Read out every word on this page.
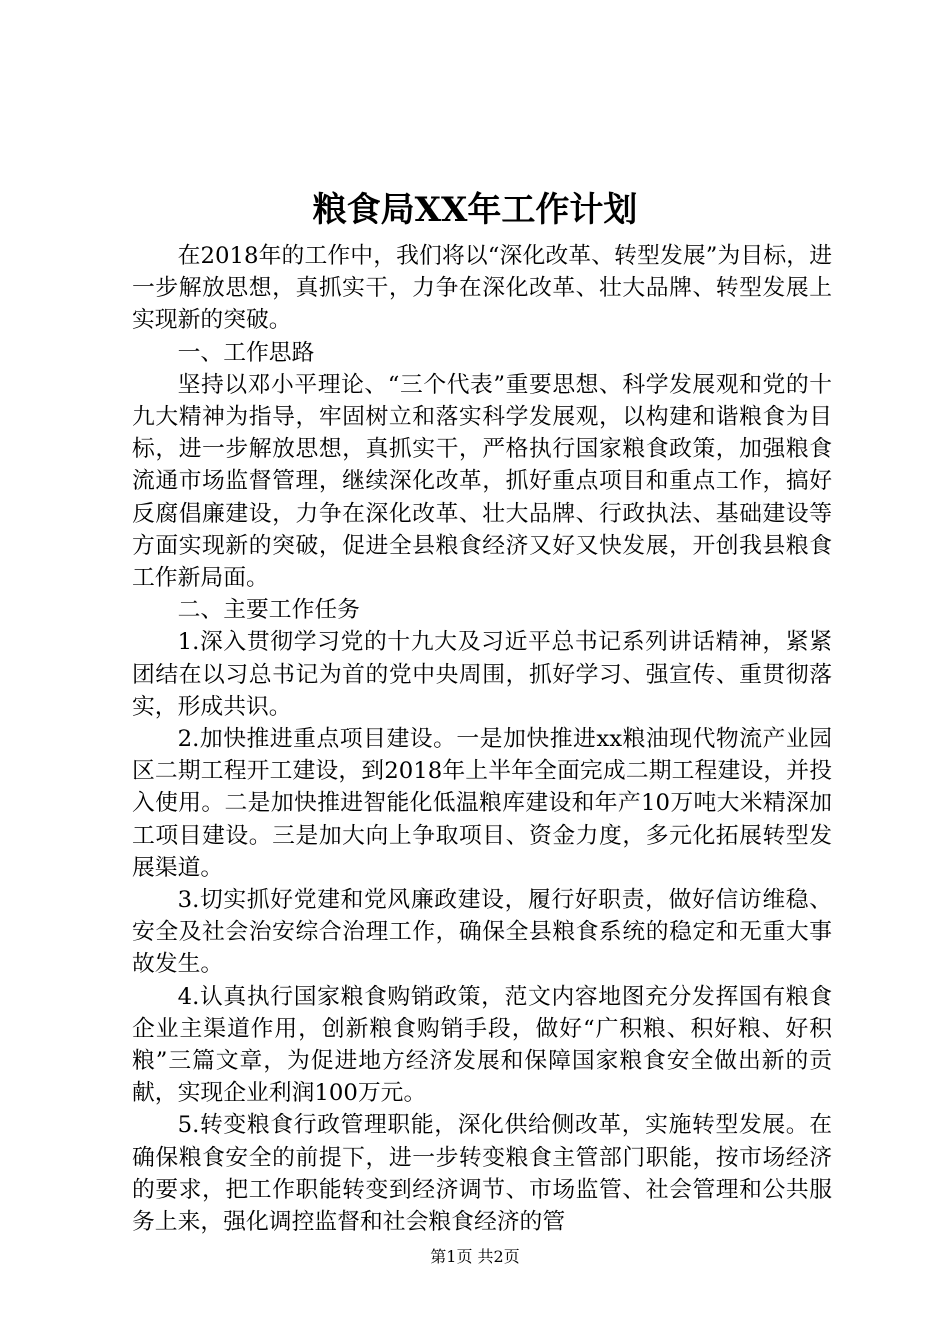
粮食局XX年工作计划

在2018年的工作中，我们将以“深化改革、转型发展”为目标，进一步解放思想，真抓实干，力争在深化改革、壮大品牌、转型发展上实现新的突破。

一、工作思路

坚持以邓小平理论、“三个代表”重要思想、科学发展观和党的十九大精神为指导，牢固树立和落实科学发展观，以构建和谐粮食为目标，进一步解放思想，真抓实干，严格执行国家粮食政策，加强粮食流通市场监督管理，继续深化改革，抓好重点项目和重点工作，搞好反腐倡廉建设，力争在深化改革、壮大品牌、行政执法、基础建设等方面实现新的突破，促进全县粮食经济又好又快发展，开创我县粮食工作新局面。

二、主要工作任务

1.深入贯彻学习党的十九大及习近平总书记系列讲话精神，紧紧团结在以习总书记为首的党中央周围，抓好学习、强宣传、重贯彻落实，形成共识。

2.加快推进重点项目建设。一是加快推进xx粮油现代物流产业园区二期工程开工建设，到2018年上半年全面完成二期工程建设，并投入使用。二是加快推进智能化低温粮库建设和年产10万吨大米精深加工项目建设。三是加大向上争取项目、资金力度，多元化拓展转型发展渠道。

3.切实抓好党建和党风廉政建设，履行好职责，做好信访维稳、安全及社会治安综合治理工作，确保全县粮食系统的稳定和无重大事故发生。

4.认真执行国家粮食购销政策，范文内容地图充分发挥国有粮食企业主渠道作用，创新粮食购销手段，做好“广积粮、积好粮、好积粮”三篇文章，为促进地方经济发展和保障国家粮食安全做出新的贡献，实现企业利润100万元。

5.转变粮食行政管理职能，深化供给侧改革，实施转型发展。在确保粮食安全的前提下，进一步转变粮食主管部门职能，按市场经济的要求，把工作职能转变到经济调节、市场监管、社会管理和公共服务上来，强化调控监督和社会粮食经济的管

第1页 共2页
